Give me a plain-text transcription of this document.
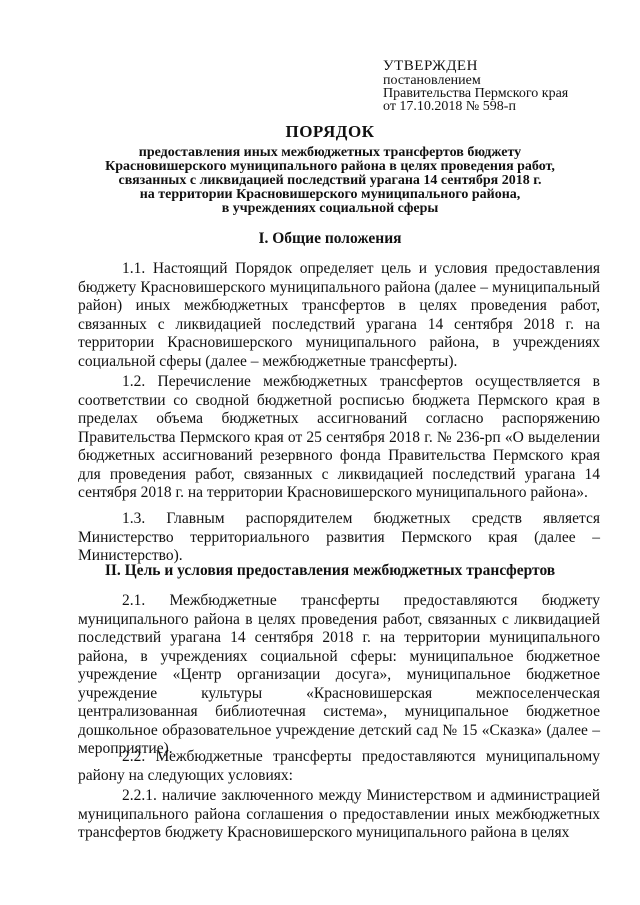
УТВЕРЖДЕН
постановлением
Правительства Пермского края
от 17.10.2018 № 598-п
ПОРЯДОК
предоставления иных межбюджетных трансфертов бюджету
Красновишерского муниципального района в целях проведения работ,
связанных с ликвидацией последствий урагана 14 сентября 2018 г.
на территории Красновишерского муниципального района,
в учреждениях социальной сферы
I. Общие положения

1.1. Настоящий Порядок определяет цель и условия предоставления бюджету Красновишерского муниципального района (далее – муниципальный район) иных межбюджетных трансфертов в целях проведения работ, связанных с ликвидацией последствий урагана 14 сентября 2018 г. на территории Красновишерского муниципального района, в учреждениях социальной сферы (далее – межбюджетные трансферты).

1.2. Перечисление межбюджетных трансфертов осуществляется в соответствии со сводной бюджетной росписью бюджета Пермского края в пределах объема бюджетных ассигнований согласно распоряжению Правительства Пермского края от 25 сентября 2018 г. № 236-рп «О выделении бюджетных ассигнований резервного фонда Правительства Пермского края для проведения работ, связанных с ликвидацией последствий урагана 14 сентября 2018 г. на территории Красновишерского муниципального района».

1.3. Главным распорядителем бюджетных средств является Министерство территориального развития Пермского края (далее – Министерство).

II. Цель и условия предоставления межбюджетных трансфертов

2.1. Межбюджетные трансферты предоставляются бюджету муниципального района в целях проведения работ, связанных с ликвидацией последствий урагана 14 сентября 2018 г. на территории муниципального района, в учреждениях социальной сферы: муниципальное бюджетное учреждение «Центр организации досуга», муниципальное бюджетное учреждение культуры «Красновишерская межпоселенческая централизованная библиотечная система», муниципальное бюджетное дошкольное образовательное учреждение детский сад № 15 «Сказка» (далее – мероприятие).

2.2. Межбюджетные трансферты предоставляются муниципальному району на следующих условиях:

2.2.1. наличие заключенного между Министерством и администрацией муниципального района соглашения о предоставлении иных межбюджетных трансфертов бюджету Красновишерского муниципального района в целях
